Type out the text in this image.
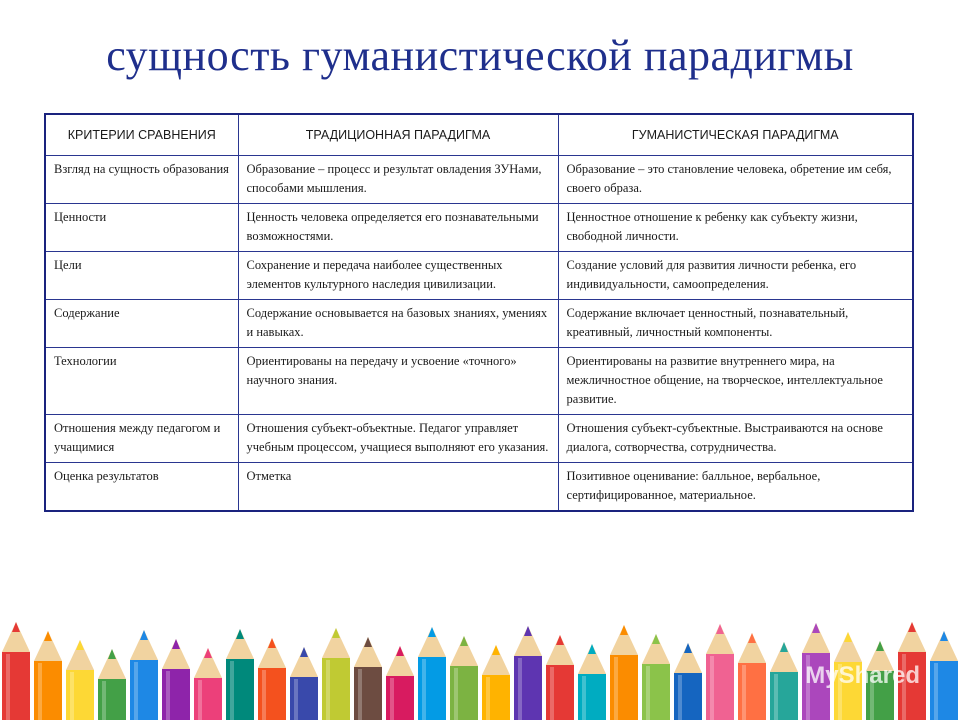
сущность гуманистической парадигмы
КРИТЕРИИ СРАВНЕНИЯ	ТРАДИЦИОННАЯ ПАРАДИГМА	ГУМАНИСТИЧЕСКАЯ ПАРАДИГМА
Взгляд на сущность образования	Образование – процесс и результат овладения ЗУНами, способами мышления.	Образование – это становление человека, обретение им себя, своего образа.
Ценности	Ценность человека определяется его познавательными возможностями.	Ценностное отношение к ребенку как субъекту жизни, свободной личности.
Цели	Сохранение и передача наиболее существенных элементов культурного наследия цивилизации.	Создание условий для развития личности ребенка, его индивидуальности, самоопределения.
Содержание	Содержание основывается на базовых знаниях, умениях и навыках.	Содержание включает ценностный, познавательный, креативный, личностный компоненты.
Технологии	Ориентированы на передачу и усвоение «точного» научного знания.	Ориентированы на развитие внутреннего мира, на межличностное общение, на творческое, интеллектуальное развитие.
Отношения между педагогом и учащимися	Отношения субъект-объектные. Педагог управляет учебным процессом, учащиеся выполняют его указания.	Отношения субъект-субъектные. Выстраиваются на основе диалога, сотворчества, сотрудничества.
Оценка результатов	Отметка	Позитивное оценивание: балльное, вербальное, сертифицированное, материальное.
MyShared
